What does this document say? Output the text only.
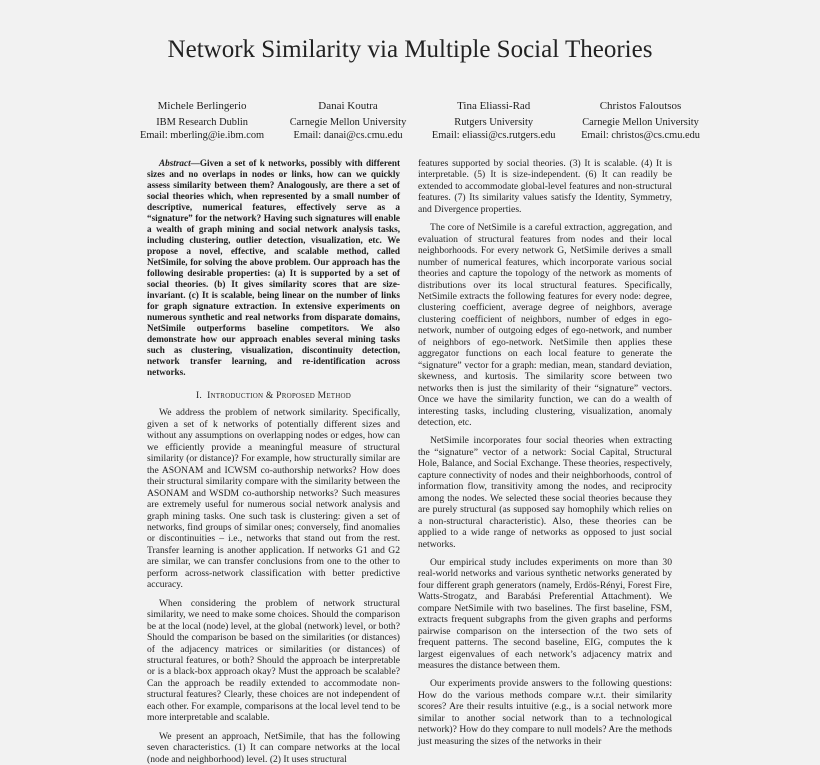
Network Similarity via Multiple Social Theories
Michele Berlingerio
IBM Research Dublin
Email: mberling@ie.ibm.com
Danai Koutra
Carnegie Mellon University
Email: danai@cs.cmu.edu
Tina Eliassi-Rad
Rutgers University
Email: eliassi@cs.rutgers.edu
Christos Faloutsos
Carnegie Mellon University
Email: christos@cs.cmu.edu

Abstract—Given a set of k networks, possibly with different sizes and no overlaps in nodes or links, how can we quickly assess similarity between them? Analogously, are there a set of social theories which, when represented by a small number of descriptive, numerical features, effectively serve as a “signature” for the network? Having such signatures will enable a wealth of graph mining and social network analysis tasks, including clustering, outlier detection, visualization, etc. We propose a novel, effective, and scalable method, called NetSimile, for solving the above problem. Our approach has the following desirable properties: (a) It is supported by a set of social theories. (b) It gives similarity scores that are size-invariant. (c) It is scalable, being linear on the number of links for graph signature extraction. In extensive experiments on numerous synthetic and real networks from disparate domains, NetSimile outperforms baseline competitors. We also demonstrate how our approach enables several mining tasks such as clustering, visualization, discontinuity detection, network transfer learning, and re-identification across networks.

I. Introduction & Proposed Method

We address the problem of network similarity. Specifically, given a set of k networks of potentially different sizes and without any assumptions on overlapping nodes or edges, how can we efficiently provide a meaningful measure of structural similarity (or distance)? For example, how structurally similar are the ASONAM and ICWSM co-authorship networks? How does their structural similarity compare with the similarity between the ASONAM and WSDM co-authorship networks? Such measures are extremely useful for numerous social network analysis and graph mining tasks. One such task is clustering: given a set of networks, find groups of similar ones; conversely, find anomalies or discontinuities – i.e., networks that stand out from the rest. Transfer learning is another application. If networks G1 and G2 are similar, we can transfer conclusions from one to the other to perform across-network classification with better predictive accuracy.

When considering the problem of network structural similarity, we need to make some choices. Should the comparison be at the local (node) level, at the global (network) level, or both? Should the comparison be based on the similarities (or distances) of the adjacency matrices or similarities (or distances) of structural features, or both? Should the approach be interpretable or is a black-box approach okay? Must the approach be scalable? Can the approach be readily extended to accommodate non-structural features? Clearly, these choices are not independent of each other. For example, comparisons at the local level tend to be more interpretable and scalable.

We present an approach, NetSimile, that has the following seven characteristics. (1) It can compare networks at the local (node and neighborhood) level. (2) It uses structural

features supported by social theories. (3) It is scalable. (4) It is interpretable. (5) It is size-independent. (6) It can readily be extended to accommodate global-level features and non-structural features. (7) Its similarity values satisfy the Identity, Symmetry, and Divergence properties.

The core of NetSimile is a careful extraction, aggregation, and evaluation of structural features from nodes and their local neighborhoods. For every network G, NetSimile derives a small number of numerical features, which incorporate various social theories and capture the topology of the network as moments of distributions over its local structural features. Specifically, NetSimile extracts the following features for every node: degree, clustering coefficient, average degree of neighbors, average clustering coefficient of neighbors, number of edges in ego-network, number of outgoing edges of ego-network, and number of neighbors of ego-network. NetSimile then applies these aggregator functions on each local feature to generate the “signature” vector for a graph: median, mean, standard deviation, skewness, and kurtosis. The similarity score between two networks then is just the similarity of their “signature” vectors. Once we have the similarity function, we can do a wealth of interesting tasks, including clustering, visualization, anomaly detection, etc.

NetSimile incorporates four social theories when extracting the “signature” vector of a network: Social Capital, Structural Hole, Balance, and Social Exchange. These theories, respectively, capture connectivity of nodes and their neighborhoods, control of information flow, transitivity among the nodes, and reciprocity among the nodes. We selected these social theories because they are purely structural (as supposed say homophily which relies on a non-structural characteristic). Also, these theories can be applied to a wide range of networks as opposed to just social networks.

Our empirical study includes experiments on more than 30 real-world networks and various synthetic networks generated by four different graph generators (namely, Erdös-Rényi, Forest Fire, Watts-Strogatz, and Barabási Preferential Attachment). We compare NetSimile with two baselines. The first baseline, FSM, extracts frequent subgraphs from the given graphs and performs pairwise comparison on the intersection of the two sets of frequent patterns. The second baseline, EIG, computes the k largest eigenvalues of each network’s adjacency matrix and measures the distance between them.

Our experiments provide answers to the following questions: How do the various methods compare w.r.t. their similarity scores? Are their results intuitive (e.g., is a social network more similar to another social network than to a technological network)? How do they compare to null models? Are the methods just measuring the sizes of the networks in their
